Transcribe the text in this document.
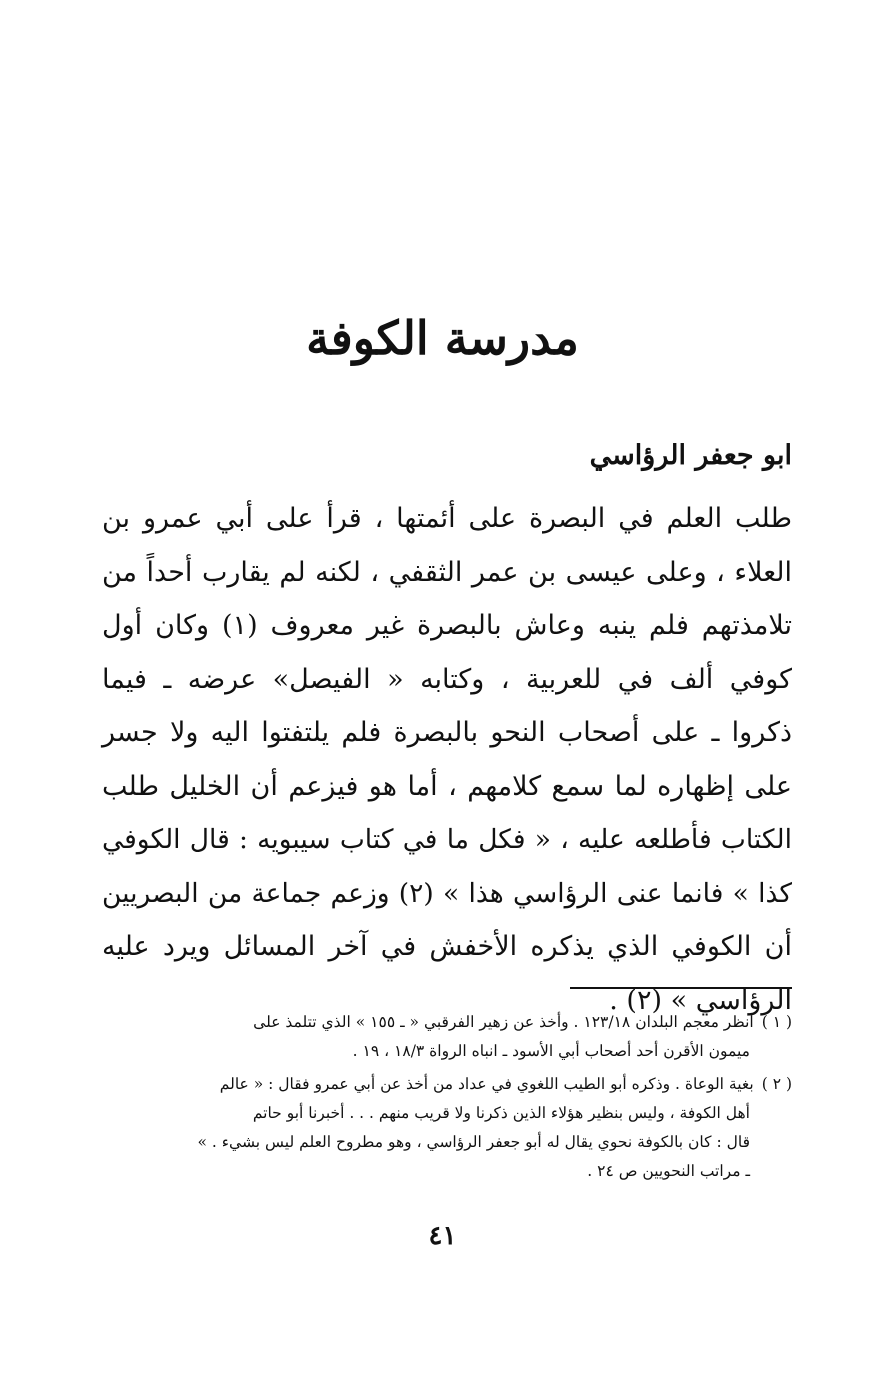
مدرسة الكوفة
ابو جعفر الرؤاسي
طلب العلم في البصرة على أئمتها ، قرأ على أبي عمرو بن
العلاء ، وعلى عيسى بن عمر الثقفي ، لكنه لم يقارب أحداً من
تلامذتهم فلم ينبه وعاش بالبصرة غير معروف (١) وكان أول
كوفي ألف في للعربية ، وكتابه « الفيصل» عرضه ـ فيما
ذكروا ـ على أصحاب النحو بالبصرة فلم يلتفتوا اليه ولا جسر
على إظهاره لما سمع كلامهم ، أما هو فيزعم أن الخليل طلب
الكتاب فأطلعه عليه ، « فكل ما في كتاب سيبويه : قال الكوفي
كذا » فانما عنى الرؤاسي هذا » (٢) وزعم جماعة من البصريين
أن الكوفي الذي يذكره الأخفش في آخر المسائل ويرد عليه
الرؤاسي » (٢) .
( ١ )انظر معجم البلدان ١٢٣/١٨ . وأخذ عن زهير الفرقبي « ـ ١٥٥ » الذي تتلمذ على
ميمون الأقرن أحد أصحاب أبي الأسود ـ انباه الرواة ١٨/٣ ، ١٩ .
( ٢ )بغية الوعاة . وذكره أبو الطيب اللغوي في عداد من أخذ عن أبي عمرو فقال : « عالم
أهل الكوفة ، وليس بنظير هؤلاء الذين ذكرنا ولا قريب منهم . . . أخبرنا أبو حاتم
قال : كان بالكوفة نحوي يقال له أبو جعفر الرؤاسي ، وهو مطروح العلم ليس بشيء . »
ـ مراتب النحويين ص ٢٤ .
٤١
